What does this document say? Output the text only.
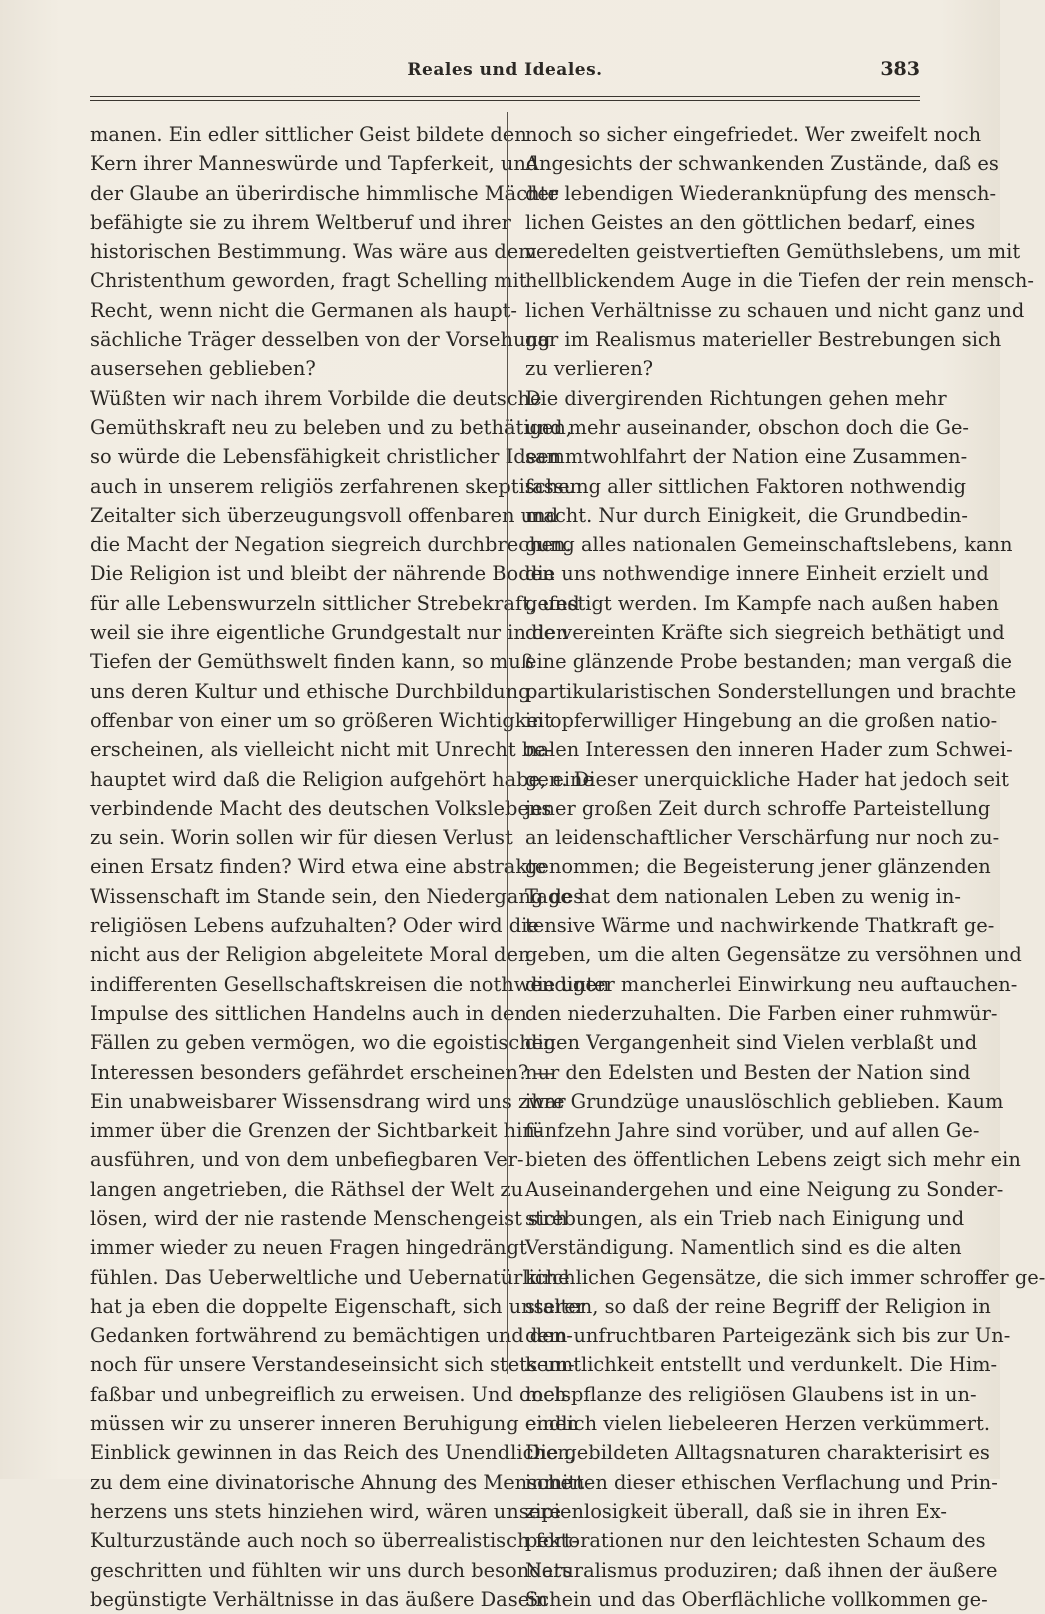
Reales und Ideales.	383
manen. Ein edler sittlicher Geist bildete den
Kern ihrer Manneswürde und Tapferkeit, und
der Glaube an überirdische himmlische Mächte
befähigte sie zu ihrem Weltberuf und ihrer
historischen Bestimmung. Was wäre aus dem
Christenthum geworden, fragt Schelling mit
Recht, wenn nicht die Germanen als haupt-
sächliche Träger desselben von der Vorsehung
ausersehen geblieben?
Wüßten wir nach ihrem Vorbilde die deutsche
Gemüthskraft neu zu beleben und zu bethätigen,
so würde die Lebensfähigkeit christlicher Ideen
auch in unserem religiös zerfahrenen skeptischen
Zeitalter sich überzeugungsvoll offenbaren und
die Macht der Negation siegreich durchbrechen.
Die Religion ist und bleibt der nährende Boden
für alle Lebenswurzeln sittlicher Strebekraft, und
weil sie ihre eigentliche Grundgestalt nur in den
Tiefen der Gemüthswelt finden kann, so muß
uns deren Kultur und ethische Durchbildung
offenbar von einer um so größeren Wichtigkeit
erscheinen, als vielleicht nicht mit Unrecht be-
hauptet wird daß die Religion aufgehört habe, eine
verbindende Macht des deutschen Volkslebens
zu sein. Worin sollen wir für diesen Verlust
einen Ersatz finden? Wird etwa eine abstrakte
Wissenschaft im Stande sein, den Niedergang des
religiösen Lebens aufzuhalten? Oder wird die
nicht aus der Religion abgeleitete Moral den
indifferenten Gesellschaftskreisen die nothwendigen
Impulse des sittlichen Handelns auch in den
Fällen zu geben vermögen, wo die egoistischen
Interessen besonders gefährdet erscheinen? —
Ein unabweisbarer Wissensdrang wird uns zwar
immer über die Grenzen der Sichtbarkeit hin-
ausführen, und von dem unbefiegbaren Ver-
langen angetrieben, die Räthsel der Welt zu
lösen, wird der nie rastende Menschengeist sich
immer wieder zu neuen Fragen hingedrängt
fühlen. Das Ueberweltliche und Uebernatürliche
hat ja eben die doppelte Eigenschaft, sich unserer
Gedanken fortwährend zu bemächtigen und den-
noch für unsere Verstandeseinsicht sich stets un-
faßbar und unbegreiflich zu erweisen. Und doch
müssen wir zu unserer inneren Beruhigung einen
Einblick gewinnen in das Reich des Unendlichen,
zu dem eine divinatorische Ahnung des Menschen-
herzens uns stets hinziehen wird, wären unsere
Kulturzustände auch noch so überrealistisch fort-
geschritten und fühlten wir uns durch besonders
begünstigte Verhältnisse in das äußere Dasein
noch so sicher eingefriedet. Wer zweifelt noch
Angesichts der schwankenden Zustände, daß es
der lebendigen Wiederanknüpfung des mensch-
lichen Geistes an den göttlichen bedarf, eines
veredelten geistvertieften Gemüthslebens, um mit
hellblickendem Auge in die Tiefen der rein mensch-
lichen Verhältnisse zu schauen und nicht ganz und
gar im Realismus materieller Bestrebungen sich
zu verlieren?
Die divergirenden Richtungen gehen mehr
und mehr auseinander, obschon doch die Ge-
sammtwohlfahrt der Nation eine Zusammen-
fassung aller sittlichen Faktoren nothwendig
macht. Nur durch Einigkeit, die Grundbedin-
gung alles nationalen Gemeinschaftslebens, kann
die uns nothwendige innere Einheit erzielt und
gefestigt werden. Im Kampfe nach außen haben
die vereinten Kräfte sich siegreich bethätigt und
eine glänzende Probe bestanden; man vergaß die
partikularistischen Sonderstellungen und brachte
in opferwilliger Hingebung an die großen natio-
nalen Interessen den inneren Hader zum Schwei-
gen. Dieser unerquickliche Hader hat jedoch seit
jener großen Zeit durch schroffe Parteistellung
an leidenschaftlicher Verschärfung nur noch zu-
genommen; die Begeisterung jener glänzenden
Tage hat dem nationalen Leben zu wenig in-
tensive Wärme und nachwirkende Thatkraft ge-
geben, um die alten Gegensätze zu versöhnen und
die unter mancherlei Einwirkung neu auftauchen-
den niederzuhalten. Die Farben einer ruhmwür-
digen Vergangenheit sind Vielen verblaßt und
nur den Edelsten und Besten der Nation sind
ihre Grundzüge unauslöschlich geblieben. Kaum
fünfzehn Jahre sind vorüber, und auf allen Ge-
bieten des öffentlichen Lebens zeigt sich mehr ein
Auseinandergehen und eine Neigung zu Sonder-
strebungen, als ein Trieb nach Einigung und
Verständigung. Namentlich sind es die alten
kirchlichen Gegensätze, die sich immer schroffer ge-
stalten, so daß der reine Begriff der Religion in
dem unfruchtbaren Parteigezänk sich bis zur Un-
kenntlichkeit entstellt und verdunkelt. Die Him-
melspflanze des religiösen Glaubens ist in un-
endlich vielen liebeleeren Herzen verkümmert.
Die gebildeten Alltagsnaturen charakterisirt es
inmitten dieser ethischen Verflachung und Prin-
zipienlosigkeit überall, daß sie in ihren Ex-
pektorationen nur den leichtesten Schaum des
Naturalismus produziren; daß ihnen der äußere
Schein und das Oberflächliche vollkommen ge-
